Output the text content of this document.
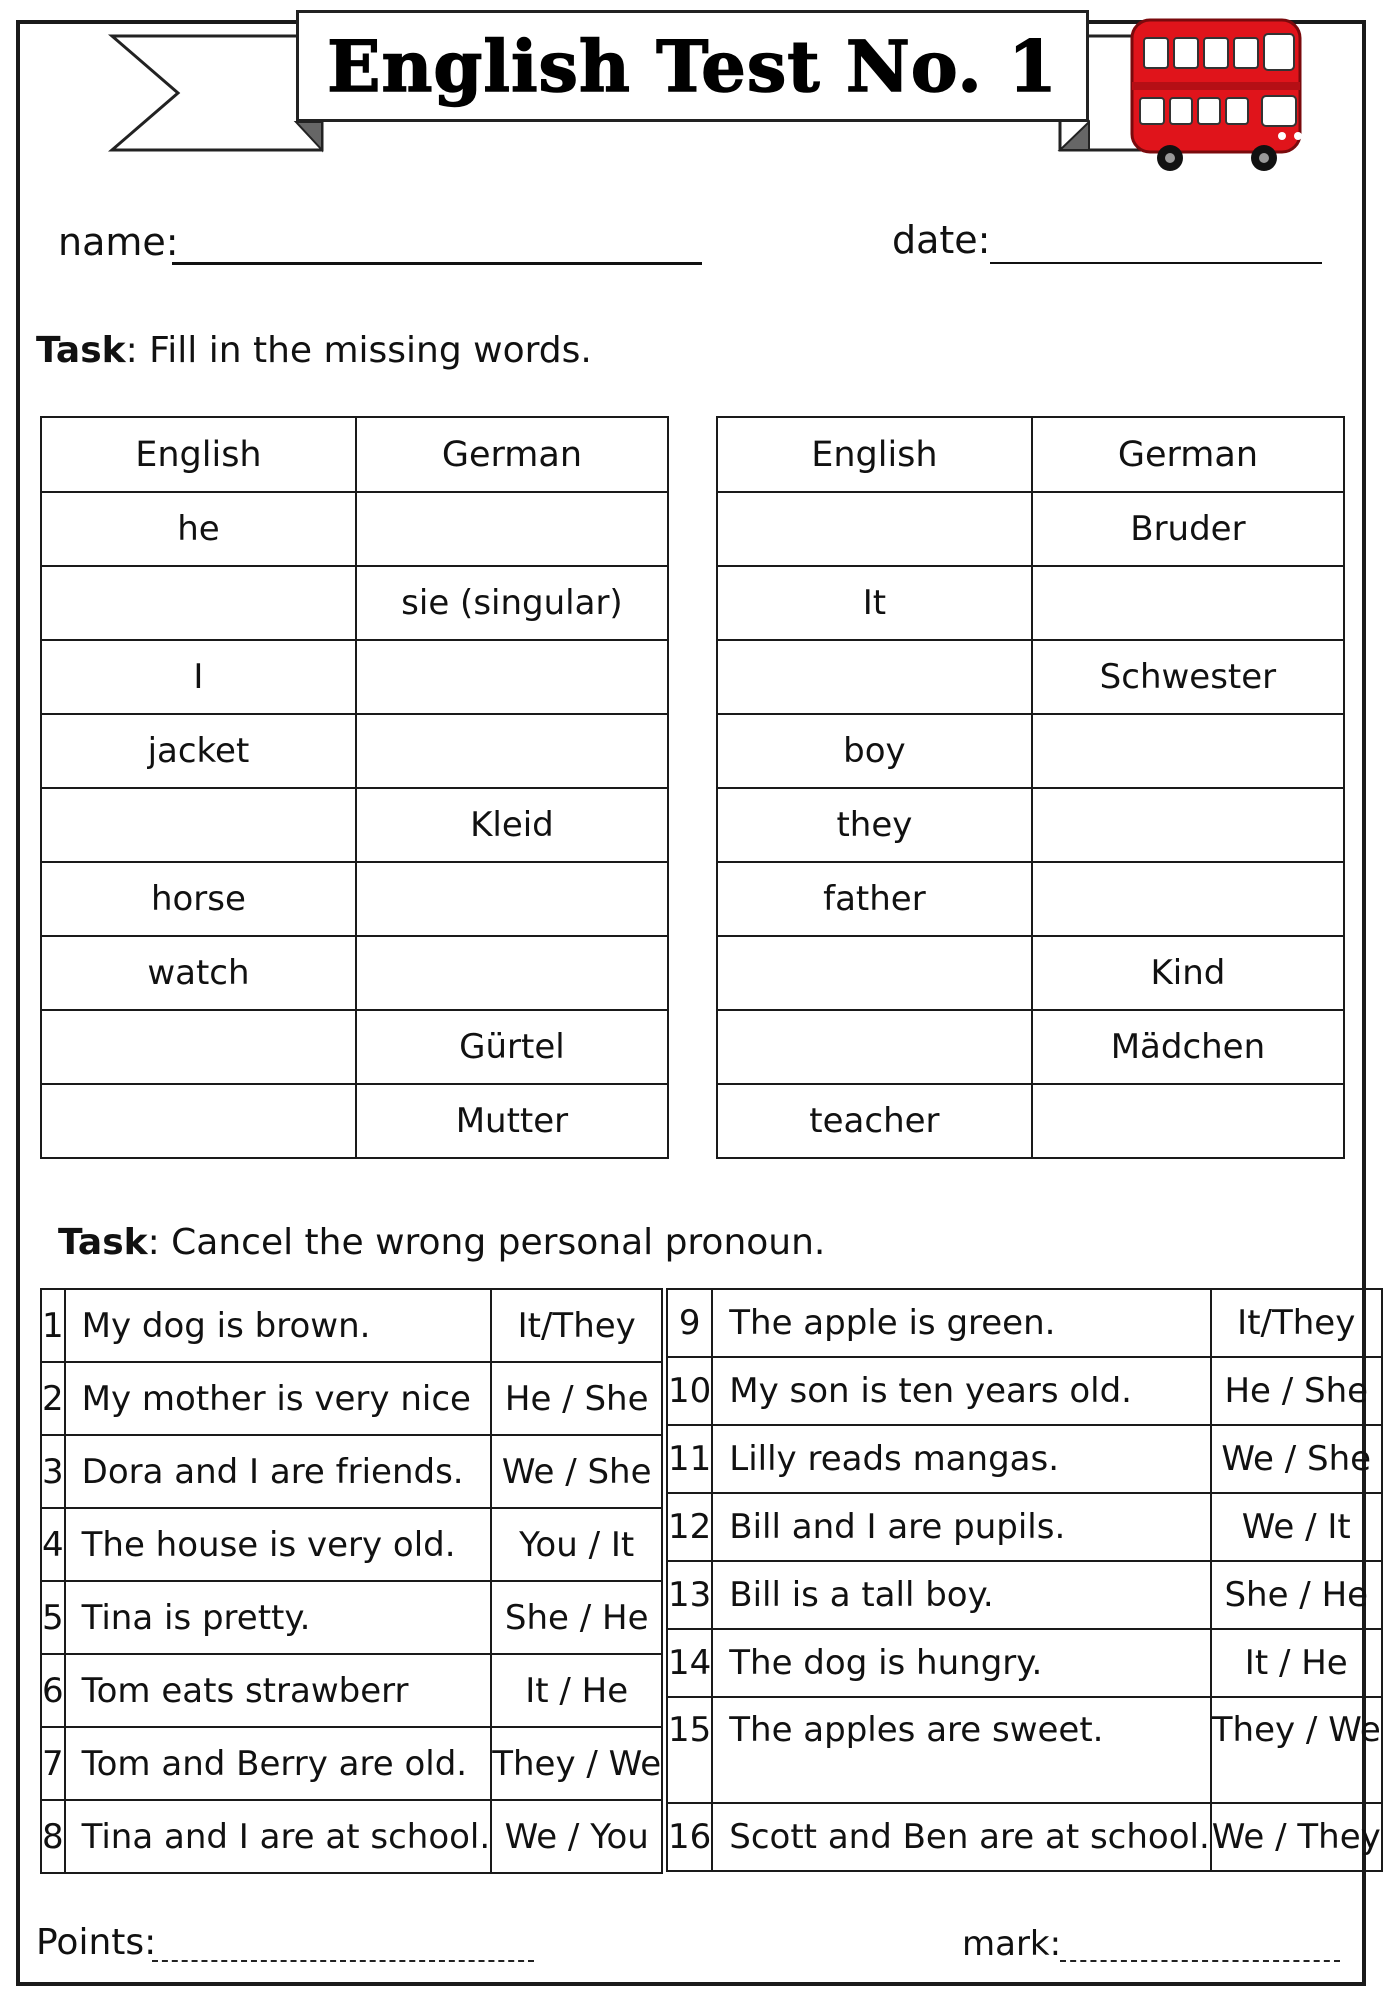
English Test No. 1
name:	date:
Task: Fill in the missing words.
English	German
he	
	sie (singular)
I	
jacket	
	Kleid
horse	
watch	
	Gürtel
	Mutter
English	German
	Bruder
It	
	Schwester
boy	
they	
father	
	Kind
	Mädchen
teacher	
Task: Cancel the wrong personal pronoun.
1	My dog is brown.	It/They
2	My mother is very nice	He / She
3	Dora and I are friends.	We / She
4	The house is very old.	You / It
5	Tina is pretty.	She / He
6	Tom eats strawberr	It / He
7	Tom and Berry are old.	They / We
8	Tina and I are at school.	We / You
9	The apple is green.	It/They
10	My son is ten years old.	He / She
11	Lilly reads mangas.	We / She
12	Bill and I are pupils.	We / It
13	Bill is a tall boy.	She / He
14	The dog is hungry.	It / He
15	The apples are sweet.	They / We
16	Scott and Ben are at school.	We / They
Points:	mark:
